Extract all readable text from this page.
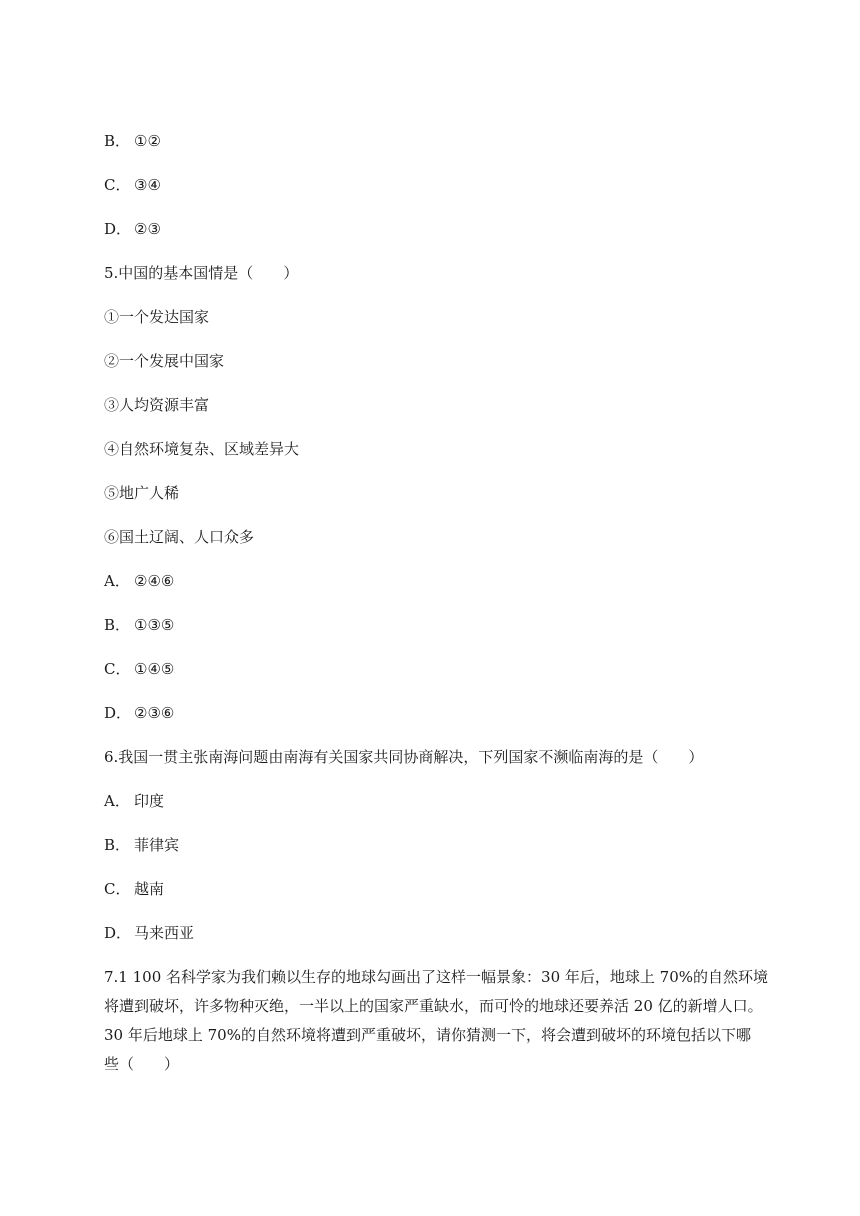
B． ①②
C． ③④
D． ②③
5.中国的基本国情是（　　）
①一个发达国家
②一个发展中国家
③人均资源丰富
④自然环境复杂、区域差异大
⑤地广人稀
⑥国土辽阔、人口众多
A． ②④⑥
B． ①③⑤
C． ①④⑤
D． ②③⑥
6.我国一贯主张南海问题由南海有关国家共同协商解决，下列国家不濒临南海的是（　　）
A． 印度
B． 菲律宾
C． 越南
D． 马来西亚
7.1 100 名科学家为我们赖以生存的地球勾画出了这样一幅景象：30 年后，地球上 70%的自然环境
将遭到破坏，许多物种灭绝，一半以上的国家严重缺水，而可怜的地球还要养活 20 亿的新增人口。
30 年后地球上 70%的自然环境将遭到严重破坏，请你猜测一下，将会遭到破坏的环境包括以下哪
些（　　）
